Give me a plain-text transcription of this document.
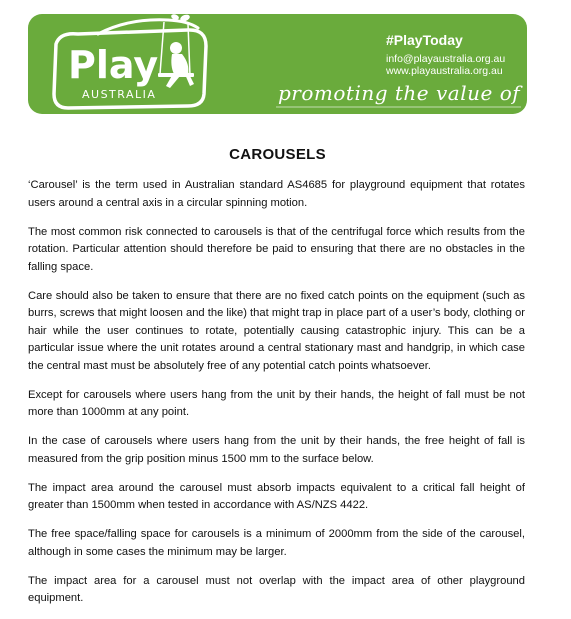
Play
AUSTRALIA
#PlayToday
info@playaustralia.org.au
www.playaustralia.org.au
promoting the value of play
CAROUSELS

‘Carousel’ is the term used in Australian standard AS4685 for playground equipment that rotates users around a central axis in a circular spinning motion.

The most common risk connected to carousels is that of the centrifugal force which results from the rotation. Particular attention should therefore be paid to ensuring that there are no obstacles in the falling space.

Care should also be taken to ensure that there are no fixed catch points on the equipment (such as burrs, screws that might loosen and the like) that might trap in place part of a user’s body, clothing or hair while the user continues to rotate, potentially causing catastrophic injury. This can be a particular issue where the unit rotates around a central stationary mast and handgrip, in which case the central mast must be absolutely free of any potential catch points whatsoever.

Except for carousels where users hang from the unit by their hands, the height of fall must be not more than 1000mm at any point.

In the case of carousels where users hang from the unit by their hands, the free height of fall is measured from the grip position minus 1500 mm to the surface below.

The impact area around the carousel must absorb impacts equivalent to a critical fall height of greater than 1500mm when tested in accordance with AS/NZS 4422.

The free space/falling space for carousels is a minimum of 2000mm from the side of the carousel, although in some cases the minimum may be larger.

The impact area for a carousel must not overlap with the impact area of other playground equipment.
